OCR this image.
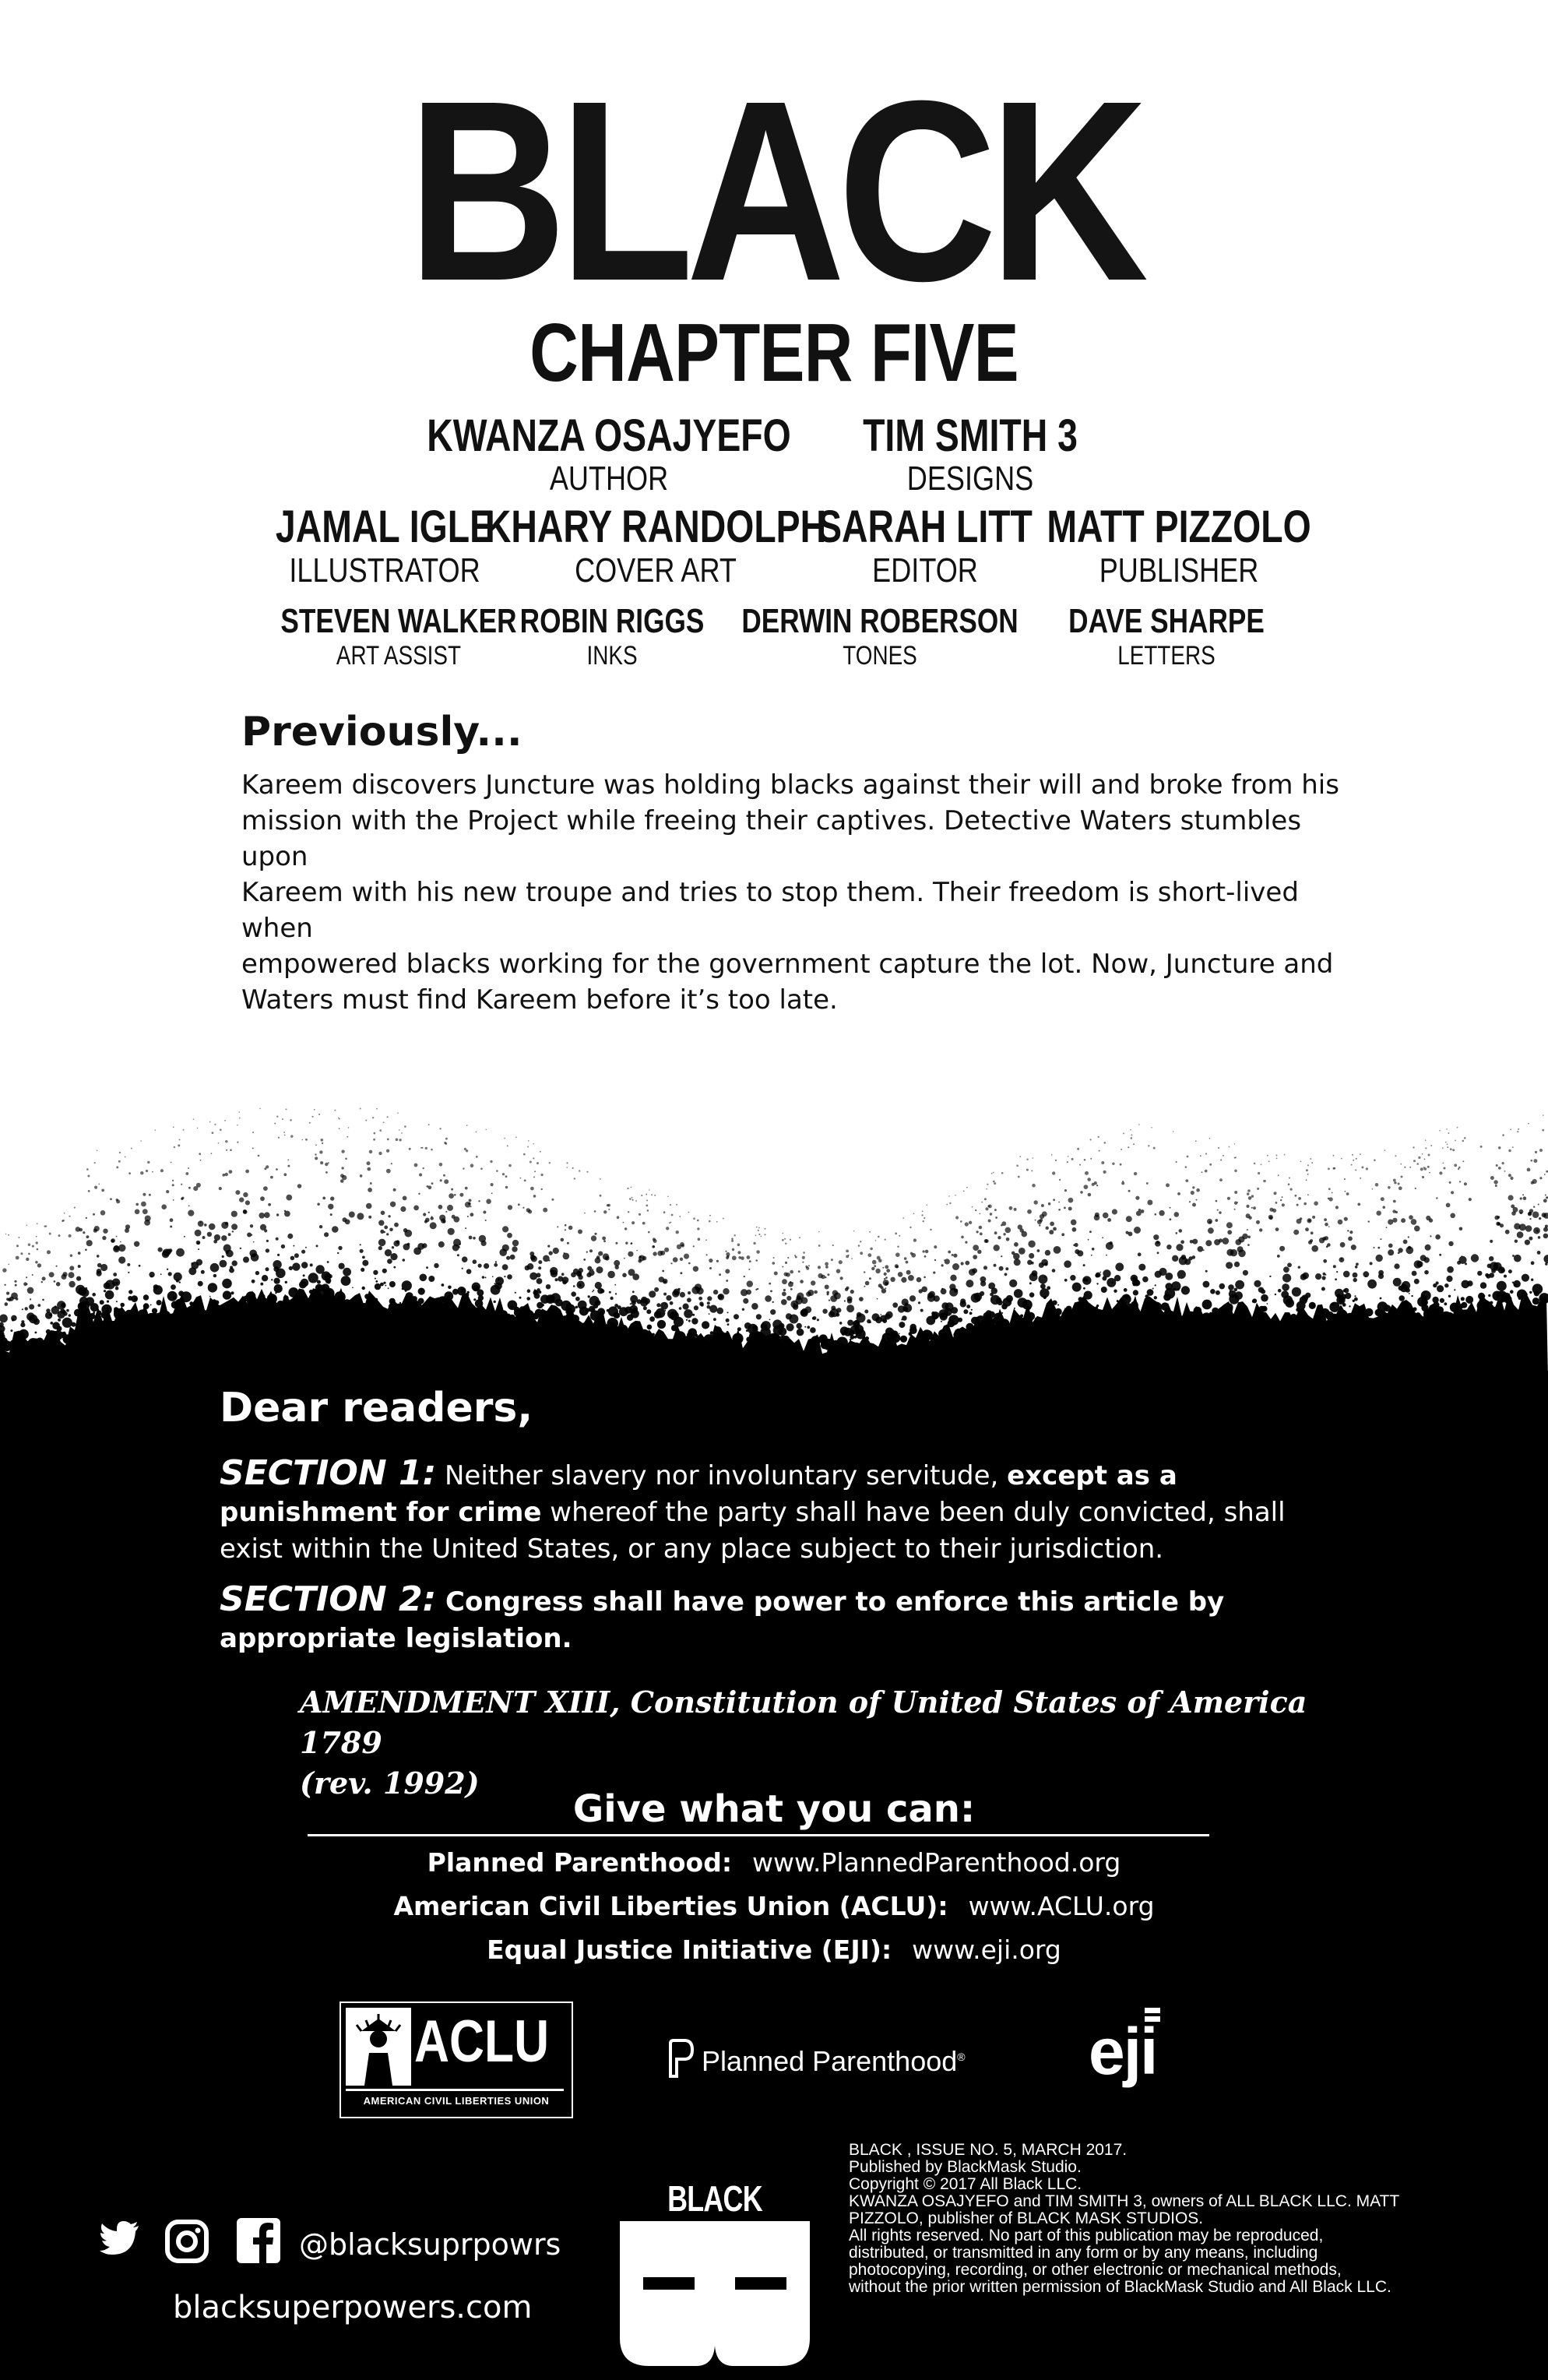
BLACK
CHAPTER FIVE
KWANZA OSAJYEFO
AUTHOR
TIM SMITH 3
DESIGNS
JAMAL IGLE
ILLUSTRATOR
KHARY RANDOLPH
COVER ART
SARAH LITT
EDITOR
MATT PIZZOLO
PUBLISHER
STEVEN WALKER
ART ASSIST
ROBIN RIGGS
INKS
DERWIN ROBERSON
TONES
DAVE SHARPE
LETTERS
Previously...
Kareem discovers Juncture was holding blacks against their will and broke from his
mission with the Project while freeing their captives. Detective Waters stumbles upon
Kareem with his new troupe and tries to stop them. Their freedom is short-lived when
empowered blacks working for the government capture the lot. Now, Juncture and
Waters must find Kareem before it’s too late.
Dear readers,

SECTION 1: Neither slavery nor involuntary servitude, except as a punishment for crime whereof the party shall have been duly convicted, shall exist within the United States, or any place subject to their jurisdiction.

SECTION 2: Congress shall have power to enforce this article by appropriate legislation.

AMENDMENT XIII, Constitution of United States of America 1789
(rev. 1992)
Give what you can:
Planned Parenthood: www.PlannedParenthood.org
American Civil Liberties Union (ACLU): www.ACLU.org
Equal Justice Initiative (EJI): www.eji.org
ACLU
AMERICAN CIVIL LIBERTIES UNION
Planned Parenthood® eji
@blacksuprpowrs
blacksuperpowers.com
BLACK
BLACK , ISSUE NO. 5, MARCH 2017.
Published by BlackMask Studio.
Copyright © 2017 All Black LLC.
KWANZA OSAJYEFO and TIM SMITH 3, owners of ALL BLACK LLC. MATT
PIZZOLO, publisher of BLACK MASK STUDIOS.
All rights reserved. No part of this publication may be reproduced,
distributed, or transmitted in any form or by any means, including
photocopying, recording, or other electronic or mechanical methods,
without the prior written permission of BlackMask Studio and All Black LLC.
